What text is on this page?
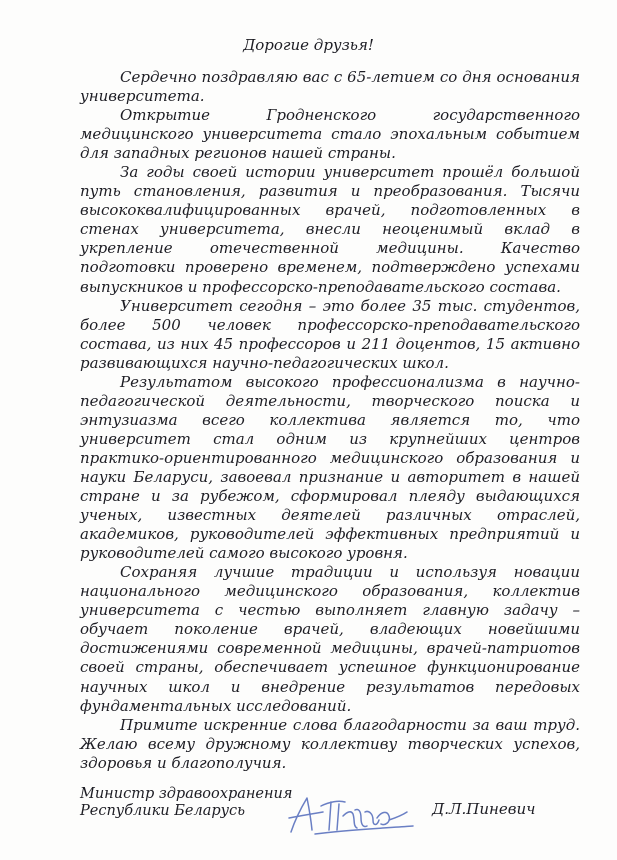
Дорогие друзья!

Сердечно поздравляю вас с 65-летием со дня основания университета.

Открытие Гродненского государственного медицинского университета стало эпохальным событием для западных регионов нашей страны.

За годы своей истории университет прошёл большой путь становления, развития и преобразования. Тысячи высококвалифицированных врачей, подготовленных в стенах университета, внесли неоценимый вклад в укрепление отечественной медицины. Качество подготовки проверено временем, подтверждено успехами выпускников и профессорско-преподавательского состава.

Университет сегодня – это более 35 тыс. студентов, более 500 человек профессорско-преподавательского состава, из них 45 профессоров и 211 доцентов, 15 активно развивающихся научно-педагогических школ.

Результатом высокого профессионализма в научно-педагогической деятельности, творческого поиска и энтузиазма всего коллектива является то, что университет стал одним из крупнейших центров практико-ориентированного медицинского образования и науки Беларуси, завоевал признание и авторитет в нашей стране и за рубежом, сформировал плеяду выдающихся ученых, известных деятелей различных отраслей, академиков, руководителей эффективных предприятий и руководителей самого высокого уровня.

Сохраняя лучшие традиции и используя новации национального медицинского образования, коллектив университета с честью выполняет главную задачу – обучает поколение врачей, владеющих новейшими достижениями современной медицины, врачей-патриотов своей страны, обеспечивает успешное функционирование научных школ и внедрение результатов передовых фундаментальных исследований.

Примите искренние слова благодарности за ваш труд. Желаю всему дружному коллективу творческих успехов, здоровья и благополучия.

Министр здравоохранения
Республики Беларусь	Д.Л.Пиневич
